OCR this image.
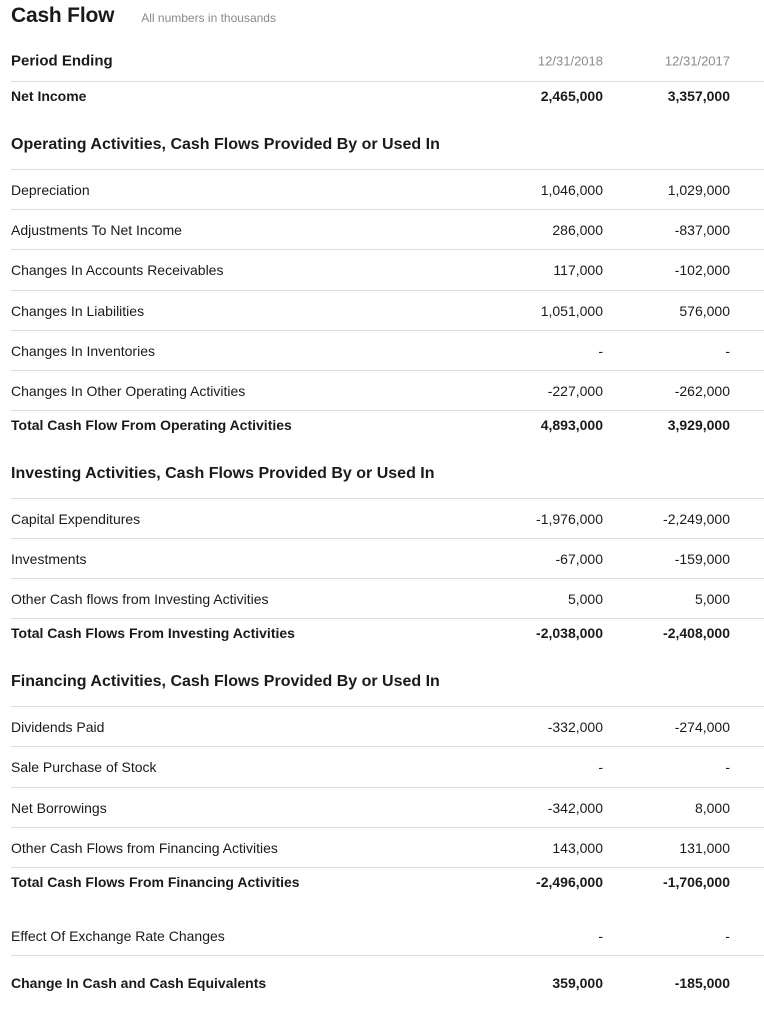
Cash Flow All numbers in thousands
Period Ending	12/31/2018	12/31/2017
Net Income	2,465,000	3,357,000
Operating Activities, Cash Flows Provided By or Used In
Depreciation	1,046,000	1,029,000
Adjustments To Net Income	286,000	-837,000
Changes In Accounts Receivables	117,000	-102,000
Changes In Liabilities	1,051,000	576,000
Changes In Inventories	-	-
Changes In Other Operating Activities	-227,000	-262,000
Total Cash Flow From Operating Activities	4,893,000	3,929,000
Investing Activities, Cash Flows Provided By or Used In
Capital Expenditures	-1,976,000	-2,249,000
Investments	-67,000	-159,000
Other Cash flows from Investing Activities	5,000	5,000
Total Cash Flows From Investing Activities	-2,038,000	-2,408,000
Financing Activities, Cash Flows Provided By or Used In
Dividends Paid	-332,000	-274,000
Sale Purchase of Stock	-	-
Net Borrowings	-342,000	8,000
Other Cash Flows from Financing Activities	143,000	131,000
Total Cash Flows From Financing Activities	-2,496,000	-1,706,000
Effect Of Exchange Rate Changes	-	-
Change In Cash and Cash Equivalents	359,000	-185,000
